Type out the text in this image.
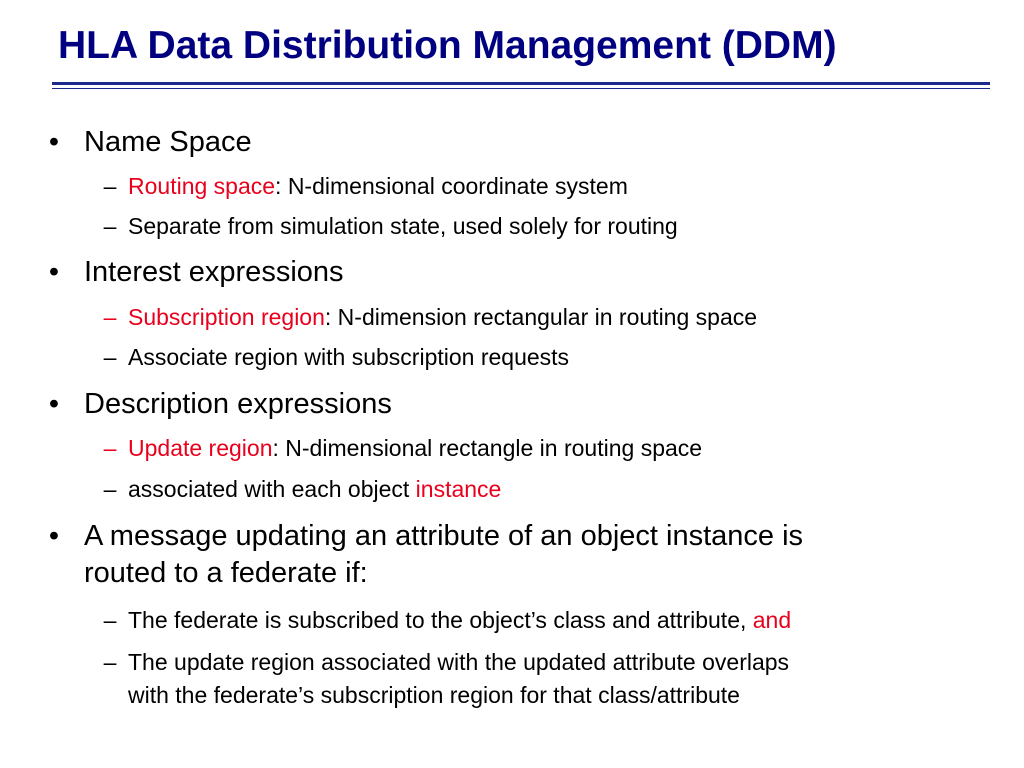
HLA Data Distribution Management (DDM)
• Name Space
– Routing space: N-dimensional coordinate system
– Separate from simulation state, used solely for routing
• Interest expressions
– Subscription region: N-dimension rectangular in routing space
– Associate region with subscription requests
• Description expressions
– Update region: N-dimensional rectangle in routing space
– associated with each object instance
• A message updating an attribute of an object instance is
routed to a federate if:
– The federate is subscribed to the object’s class and attribute, and
– The update region associated with the updated attribute overlaps
with the federate’s subscription region for that class/attribute
